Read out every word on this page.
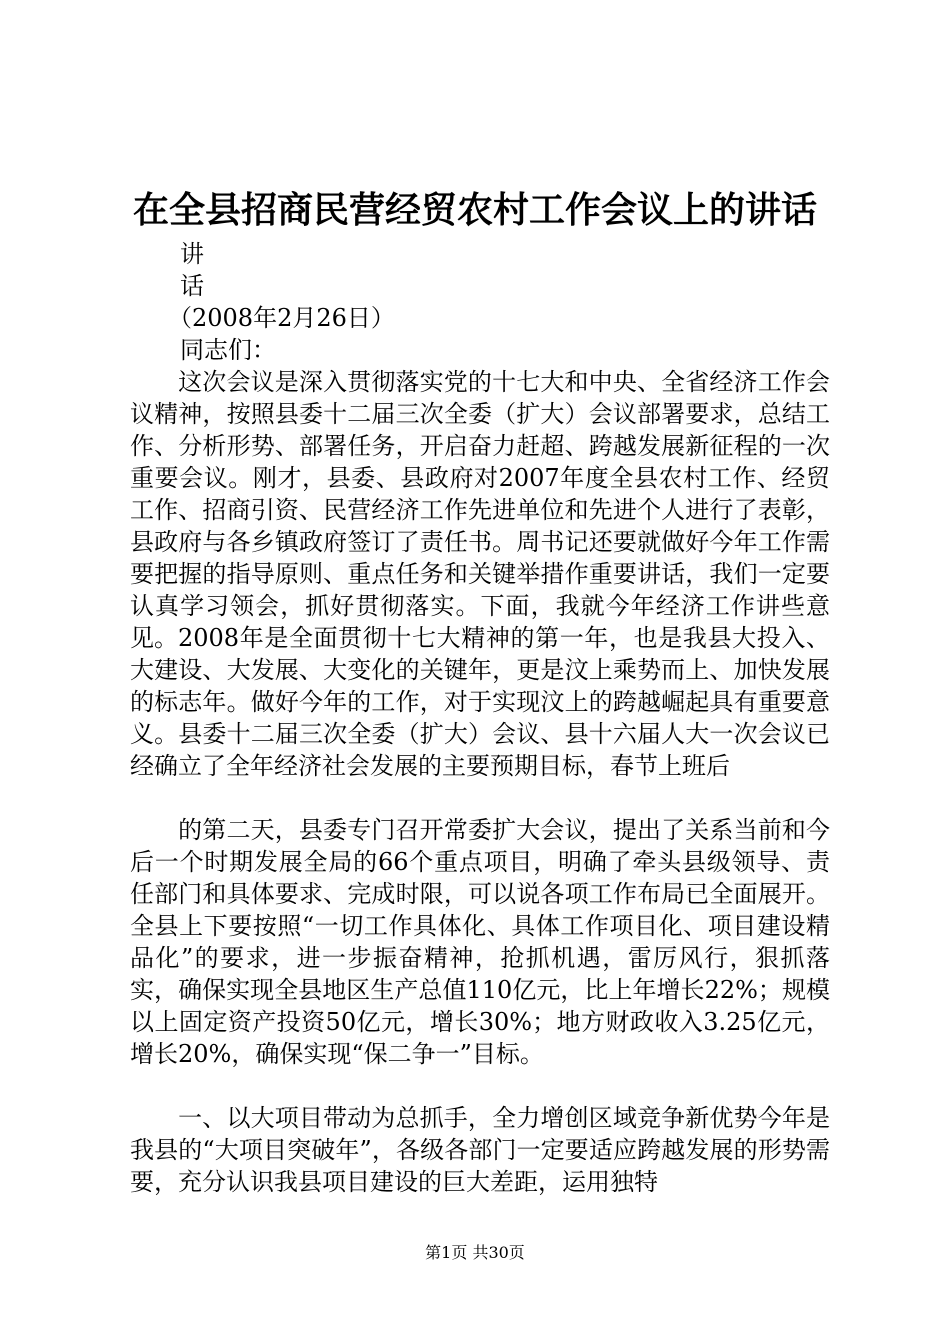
在全县招商民营经贸农村工作会议上的讲话

讲

话

（2008年2月26日）

同志们：

这次会议是深入贯彻落实党的十七大和中央、全省经济工作会议精神，按照县委十二届三次全委（扩大）会议部署要求，总结工作、分析形势、部署任务，开启奋力赶超、跨越发展新征程的一次重要会议。刚才，县委、县政府对2007年度全县农村工作、经贸工作、招商引资、民营经济工作先进单位和先进个人进行了表彰，县政府与各乡镇政府签订了责任书。周书记还要就做好今年工作需要把握的指导原则、重点任务和关键举措作重要讲话，我们一定要认真学习领会，抓好贯彻落实。下面，我就今年经济工作讲些意见。 2008年是全面贯彻十七大精神的第一年，也是我县大投入、大建设、大发展、大变化的关键年，更是汶上乘势而上、加快发展的标志年。做好今年的工作，对于实现汶上的跨越崛起具有重要意义。县委十二届三次全委（扩大）会议、县十六届人大一次会议已经确立了全年经济社会发展的主要预期目标，春节上班后
的第二天，县委专门召开常委扩大会议，提出了关系当前和今后一个时期发展全局的66个重点项目，明确了牵头县级领导、责任部门和具体要求、完成时限，可以说各项工作布局已全面展开。全县上下要按照“一切工作具体化、具体工作项目化、项目建设精品化”的要求，进一步振奋精神，抢抓机遇，雷厉风行，狠抓落实，确保实现全县地区生产总值110亿元，比上年增长22%；规模以上固定资产投资50亿元，增长30%；地方财政收入3.25亿元，增长20%，确保实现“保二争一”目标。
一、以大项目带动为总抓手，全力增创区域竞争新优势今年是我县的“大项目突破年”，各级各部门一定要适应跨越发展的形势需要，充分认识我县项目建设的巨大差距，运用独特
第1页 共30页
